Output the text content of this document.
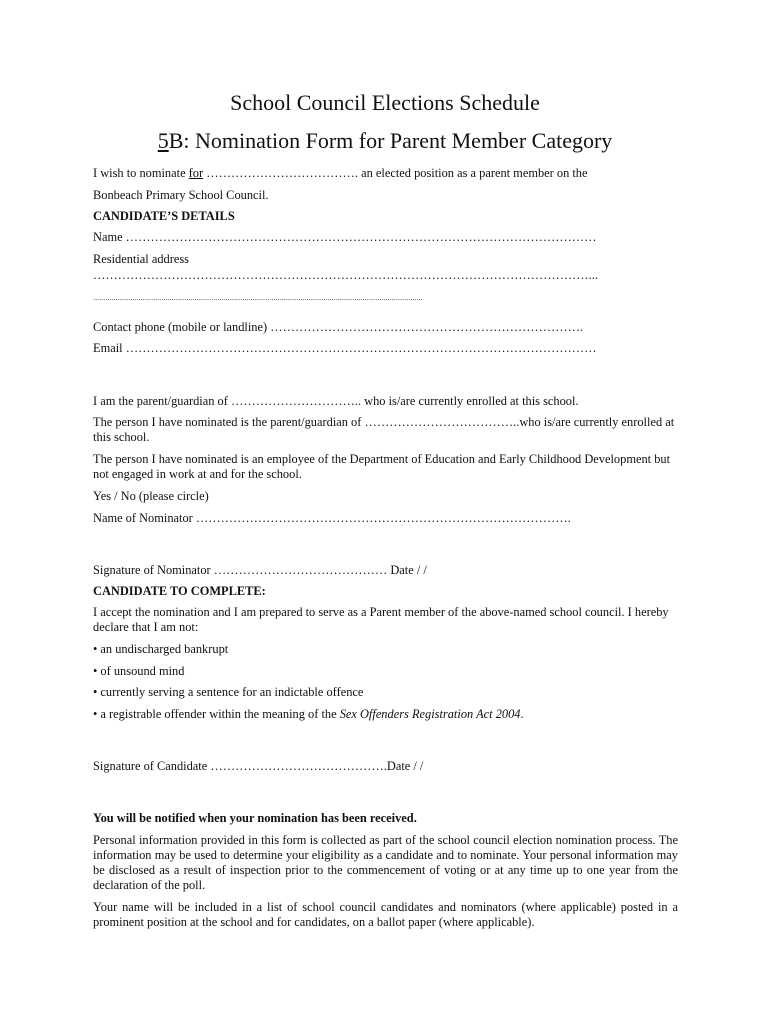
School Council Elections Schedule
5B: Nomination Form for Parent Member Category
I wish to nominate for ………………………………. an elected position as a parent member on the
Bonbeach Primary School Council.
CANDIDATE’S DETAILS
Name ……………………………………………………………………………………………………
Residential address
…………………………………………………………………………………………………………...
...............................................................................................................................................................
Contact phone (mobile or landline) ………………………………………………………………….
Email ……………………………………………………………………………………………………
I am the parent/guardian of ………………………….. who is/are currently enrolled at this school.
The person I have nominated is the parent/guardian of ………………………………..who is/are currently enrolled at this school.
The person I have nominated is an employee of the Department of Education and Early Childhood Development but not engaged in work at and for the school.
Yes / No (please circle)
Name of Nominator ……………………………………………………………………………….
Signature of Nominator …………………………………… Date / /
CANDIDATE TO COMPLETE:
I accept the nomination and I am prepared to serve as a Parent member of the above-named school council. I hereby declare that I am not:
• an undischarged bankrupt
• of unsound mind
• currently serving a sentence for an indictable offence
• a registrable offender within the meaning of the Sex Offenders Registration Act 2004.
Signature of Candidate …………………………………….Date / /
You will be notified when your nomination has been received.
Personal information provided in this form is collected as part of the school council election nomination process. The information may be used to determine your eligibility as a candidate and to nominate. Your personal information may be disclosed as a result of inspection prior to the commencement of voting or at any time up to one year from the declaration of the poll.
Your name will be included in a list of school council candidates and nominators (where applicable) posted in a prominent position at the school and for candidates, on a ballot paper (where applicable).
